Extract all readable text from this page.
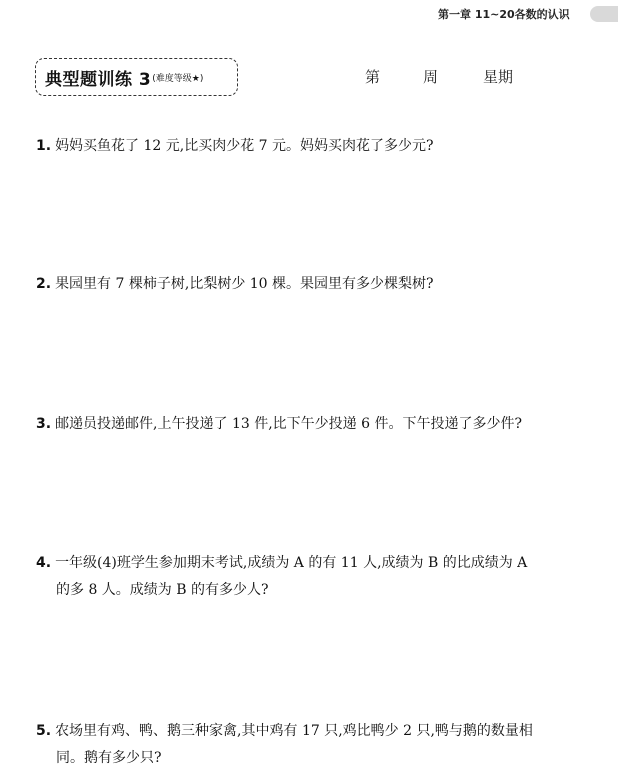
第一章 11~20各数的认识
典型题训练 3 (难度等级★)	第	周	星期
1. 妈妈买鱼花了 12 元,比买肉少花 7 元。妈妈买肉花了多少元?
2. 果园里有 7 棵柿子树,比梨树少 10 棵。果园里有多少棵梨树?
3. 邮递员投递邮件,上午投递了 13 件,比下午少投递 6 件。下午投递了多少件?
4. 一年级(4)班学生参加期末考试,成绩为 A 的有 11 人,成绩为 B 的比成绩为 A
的多 8 人。成绩为 B 的有多少人?
5. 农场里有鸡、鸭、鹅三种家禽,其中鸡有 17 只,鸡比鸭少 2 只,鸭与鹅的数量相
同。鹅有多少只?
